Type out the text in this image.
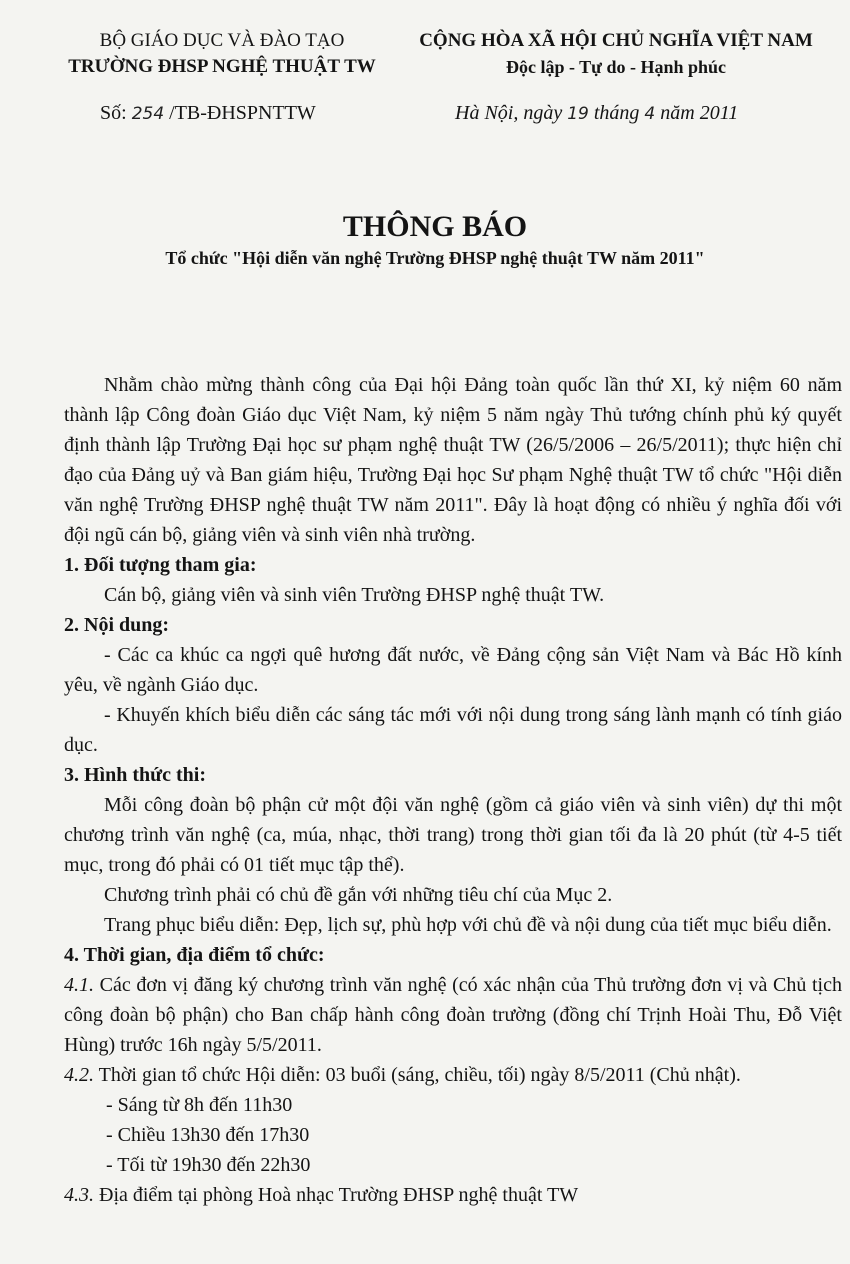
BỘ GIÁO DỤC VÀ ĐÀO TẠO
TRƯỜNG ĐHSP NGHỆ THUẬT TW
CỘNG HÒA XÃ HỘI CHỦ NGHĨA VIỆT NAM
Độc lập - Tự do - Hạnh phúc
Số: 254 /TB-ĐHSPNTTW	Hà Nội, ngày 19 tháng 4 năm 2011
THÔNG BÁO
Tổ chức "Hội diễn văn nghệ Trường ĐHSP nghệ thuật TW năm 2011"

Nhằm chào mừng thành công của Đại hội Đảng toàn quốc lần thứ XI, kỷ niệm 60 năm thành lập Công đoàn Giáo dục Việt Nam, kỷ niệm 5 năm ngày Thủ tướng chính phủ ký quyết định thành lập Trường Đại học sư phạm nghệ thuật TW (26/5/2006 – 26/5/2011); thực hiện chỉ đạo của Đảng uỷ và Ban giám hiệu, Trường Đại học Sư phạm Nghệ thuật TW tổ chức "Hội diễn văn nghệ Trường ĐHSP nghệ thuật TW năm 2011". Đây là hoạt động có nhiều ý nghĩa đối với đội ngũ cán bộ, giảng viên và sinh viên nhà trường.

1. Đối tượng tham gia:

Cán bộ, giảng viên và sinh viên Trường ĐHSP nghệ thuật TW.

2. Nội dung:

- Các ca khúc ca ngợi quê hương đất nước, về Đảng cộng sản Việt Nam và Bác Hồ kính yêu, về ngành Giáo dục.

- Khuyến khích biểu diễn các sáng tác mới với nội dung trong sáng lành mạnh có tính giáo dục.

3. Hình thức thi:

Mỗi công đoàn bộ phận cử một đội văn nghệ (gồm cả giáo viên và sinh viên) dự thi một chương trình văn nghệ (ca, múa, nhạc, thời trang) trong thời gian tối đa là 20 phút (từ 4-5 tiết mục, trong đó phải có 01 tiết mục tập thể).

Chương trình phải có chủ đề gắn với những tiêu chí của Mục 2.

Trang phục biểu diễn: Đẹp, lịch sự, phù hợp với chủ đề và nội dung của tiết mục biểu diễn.

4. Thời gian, địa điểm tổ chức:

4.1. Các đơn vị đăng ký chương trình văn nghệ (có xác nhận của Thủ trường đơn vị và Chủ tịch công đoàn bộ phận) cho Ban chấp hành công đoàn trường (đồng chí Trịnh Hoài Thu, Đỗ Việt Hùng) trước 16h ngày 5/5/2011.

4.2. Thời gian tổ chức Hội diễn: 03 buổi (sáng, chiều, tối) ngày 8/5/2011 (Chủ nhật).

- Sáng từ 8h đến 11h30

- Chiều 13h30 đến 17h30

- Tối từ 19h30 đến 22h30

4.3. Địa điểm tại phòng Hoà nhạc Trường ĐHSP nghệ thuật TW
